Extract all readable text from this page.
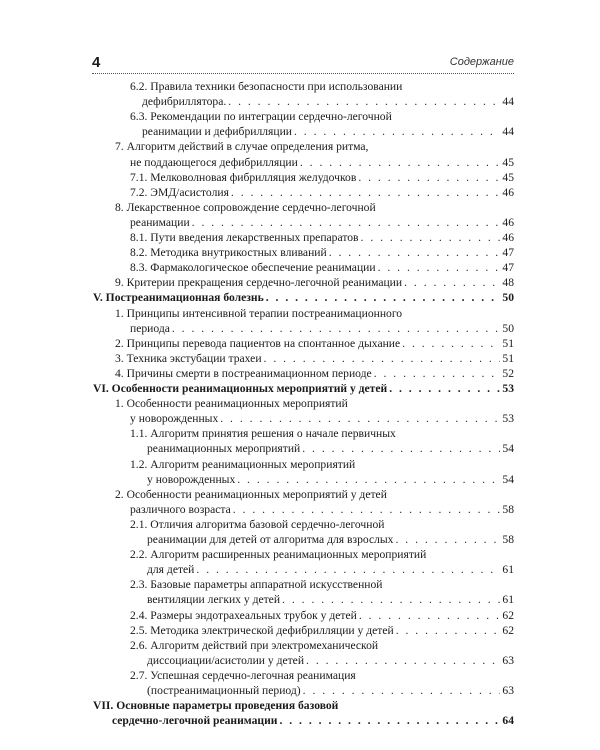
4	Содержание
6.2. Правила техники безопасности при использовании
дефибриллятора. . . .	44
6.3. Рекомендации по интеграции сердечно-легочной
реанимации и дефибрилляции . . .	44
7. Алгоритм действий в случае определения ритма,
не поддающегося дефибрилляции . . .	45
7.1. Мелковолновая фибрилляция желудочков . . .	45
7.2. ЭМД/асистолия . . .	46
8. Лекарственное сопровождение сердечно-легочной
реанимации . . .	46
8.1. Пути введения лекарственных препаратов . . .	46
8.2. Методика внутрикостных вливаний . . .	47
8.3. Фармакологическое обеспечение реанимации . . .	47
9. Критерии прекращения сердечно-легочной реанимации . . .	48
V. Постреанимационная болезнь . . .	50
1. Принципы интенсивной терапии постреанимационного
периода . . .	50
2. Принципы перевода пациентов на спонтанное дыхание . . .	51
3. Техника экстубации трахеи . . .	51
4. Причины смерти в постреанимационном периоде . . .	52
VI. Особенности реанимационных мероприятий у детей . . .	53
1. Особенности реанимационных мероприятий
у новорожденных . . .	53
1.1. Алгоритм принятия решения о начале первичных
реанимационных мероприятий . . .	54
1.2. Алгоритм реанимационных мероприятий
у новорожденных . . .	54
2. Особенности реанимационных мероприятий у детей
различного возраста . . .	58
2.1. Отличия алгоритма базовой сердечно-легочной
реанимации для детей от алгоритма для взрослых . . .	58
2.2. Алгоритм расширенных реанимационных мероприятий
для детей . . .	61
2.3. Базовые параметры аппаратной искусственной
вентиляции легких у детей . . .	61
2.4. Размеры эндотрахеальных трубок у детей . . .	62
2.5. Методика электрической дефибрилляции у детей . . .	62
2.6. Алгоритм действий при электромеханической
диссоциации/асистолии у детей . . .	63
2.7. Успешная сердечно-легочная реанимация
(постреанимационный период) . . .	63
VII. Основные параметры проведения базовой
сердечно-легочной реанимации . . .	64
